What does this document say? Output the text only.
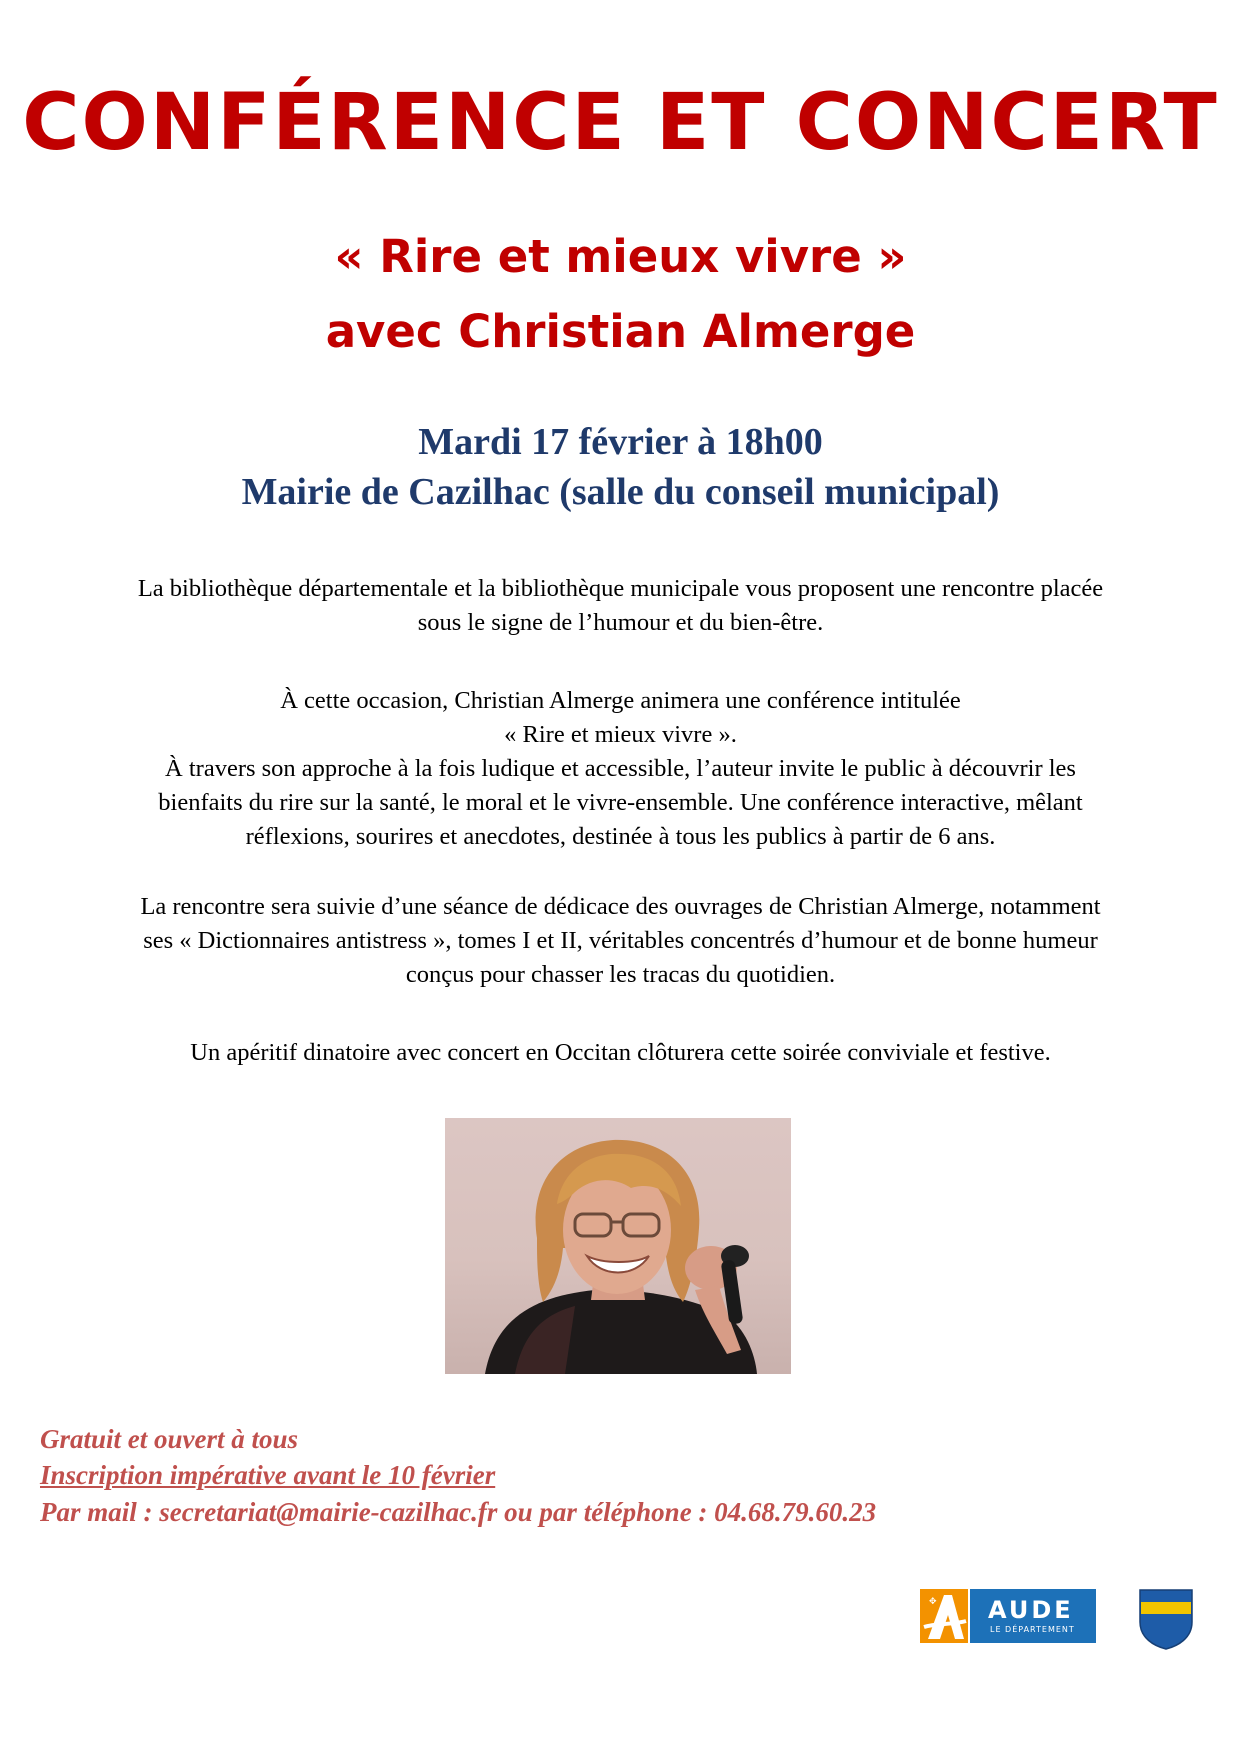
CONFÉRENCE ET CONCERT
« Rire et mieux vivre »
avec Christian Almerge

Mardi 17 février à 18h00

Mairie de Cazilhac (salle du conseil municipal)

La bibliothèque départementale et la bibliothèque municipale vous proposent une rencontre placée
sous le signe de l’humour et du bien-être.
À cette occasion, Christian Almerge animera une conférence intitulée
« Rire et mieux vivre ».
À travers son approche à la fois ludique et accessible, l’auteur invite le public à découvrir les
bienfaits du rire sur la santé, le moral et le vivre-ensemble. Une conférence interactive, mêlant
réflexions, sourires et anecdotes, destinée à tous les publics à partir de 6 ans.
La rencontre sera suivie d’une séance de dédicace des ouvrages de Christian Almerge, notamment
ses « Dictionnaires antistress », tomes I et II, véritables concentrés d’humour et de bonne humeur
conçus pour chasser les tracas du quotidien.
Un apéritif dinatoire avec concert en Occitan clôturera cette soirée conviviale et festive.

Gratuit et ouvert à tous

Inscription impérative avant le 10 février

Par mail : secretariat@mairie-cazilhac.fr ou par téléphone : 04.68.79.60.23

✥ AUDE
LE DÉPARTEMENT
